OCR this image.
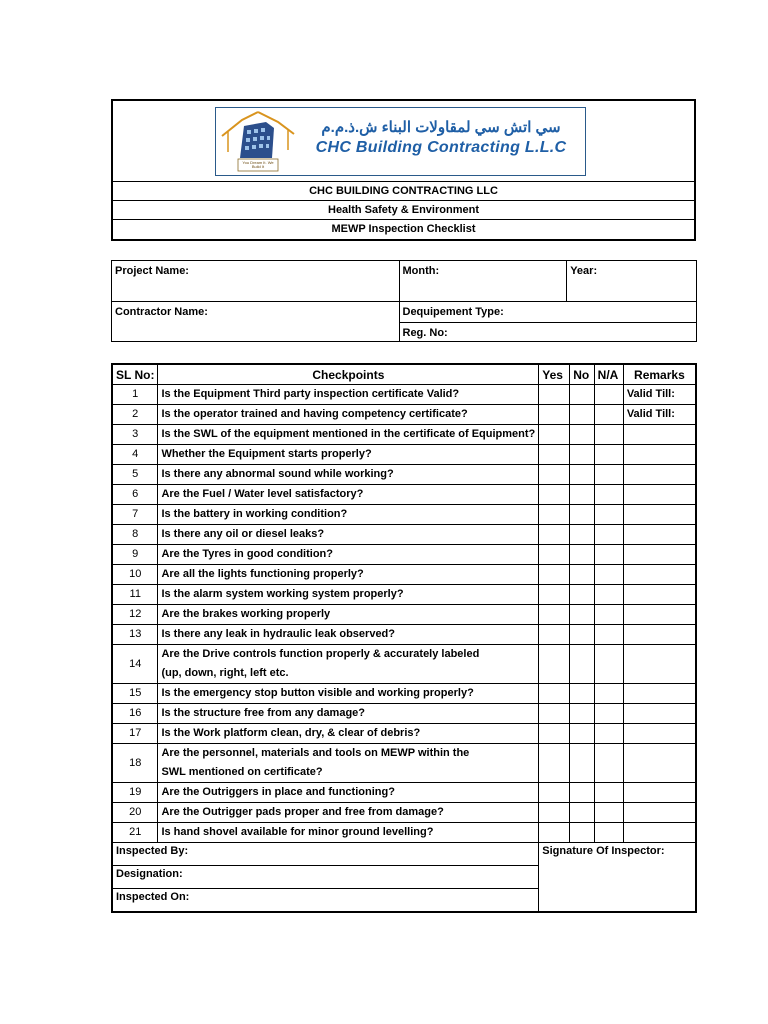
You Dream It. We Build It
سي اتش سي لمقاولات البناء ش.ذ.م.م
CHC Building Contracting L.L.C
CHC BUILDING CONTRACTING LLC
Health Safety & Environment
MEWP Inspection Checklist
Project Name:	Month:	Year:
Contractor Name:	Dequipement Type:	
	Reg. No:	
SL No:	Checkpoints	Yes	No	N/A	Remarks
1	Is the Equipment Third party inspection certificate Valid?				Valid Till:
2	Is the operator trained and having competency certificate?				Valid Till:
3	Is the SWL of the equipment mentioned in the certificate of Equipment?				

4	Whether the Equipment starts properly?				

5	Is there any abnormal sound while working?				

6	Are the Fuel / Water level satisfactory?				

7	Is the battery in working condition?				

8	Is there any oil or diesel leaks?				

9	Are the Tyres in good condition?				

10	Are all the lights functioning properly?				

11	Is the alarm system working system properly?				

12	Are the brakes working properly				

13	Is there any leak in hydraulic leak observed?				

14	Are the Drive controls function properly & accurately labeled
(up, down, right, left etc.				

15	Is the emergency stop button visible and working properly?				

16	Is the structure free from any damage?				

17	Is the Work platform clean, dry, & clear of debris?				

18	Are the personnel, materials and tools on MEWP within the
SWL mentioned on certificate?				

19	Are the Outriggers in place and functioning?				

20	Are the Outrigger pads proper and free from damage?				

21	Is hand shovel available for minor ground levelling?				

Inspected By:		Signature Of Inspector:			
Designation:					
Inspected On:					
